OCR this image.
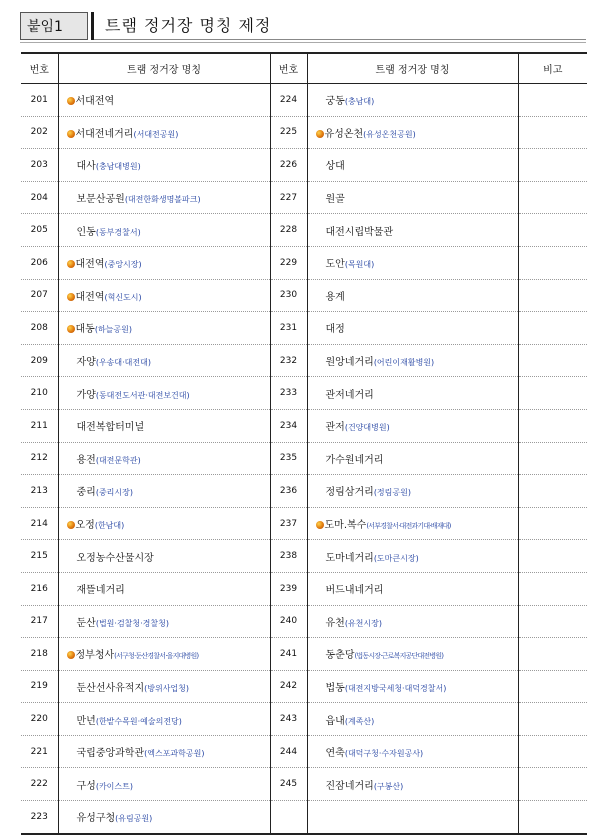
붙임1	트램 정거장 명칭 제정
번호	트램 정거장 명칭	번호	트램 정거장 명칭	비고
201	서대전역	224	궁동(충남대)	
202	서대전네거리(서대전공원)	225	유성온천(유성온천공원)	
203	대사(충남대병원)	226	상대	
204	보문산공원(대전한화생명볼파크)	227	원골	
205	인동(동부경찰서)	228	대전시립박물관	
206	대전역(중앙시장)	229	도안(목원대)	
207	대전역(혁신도시)	230	용계	
208	대동(하늘공원)	231	대정	
209	자양(우송대·대전대)	232	원앙네거리(어린이재활병원)	
210	가양(동대전도서관·대전보건대)	233	관저네거리	
211	대전복합터미널	234	관저(건양대병원)	
212	용전(대전문학관)	235	가수원네거리	
213	중리(중리시장)	236	정림삼거리(정림공원)	
214	오정(한남대)	237	도마.복수(서부경찰서·대전과기대·배재대)	
215	오정농수산물시장	238	도마네거리(도마큰시장)	
216	재뜰네거리	239	버드내네거리	
217	둔산(법원·검찰청·경찰청)	240	유천(유천시장)	
218	정부청사(서구청·둔산경찰서·을지대병원)	241	동춘당(법동시장·근로복지공단대전병원)	
219	둔산선사유적지(방위사업청)	242	법동(대전지방국세청·대덕경찰서)	
220	만년(한밭수목원·예술의전당)	243	읍내(계족산)	
221	국립중앙과학관(엑스포과학공원)	244	연축(대덕구청·수자원공사)	
222	구성(카이스트)	245	진잠네거리(구봉산)	
223	유성구청(유림공원)			
